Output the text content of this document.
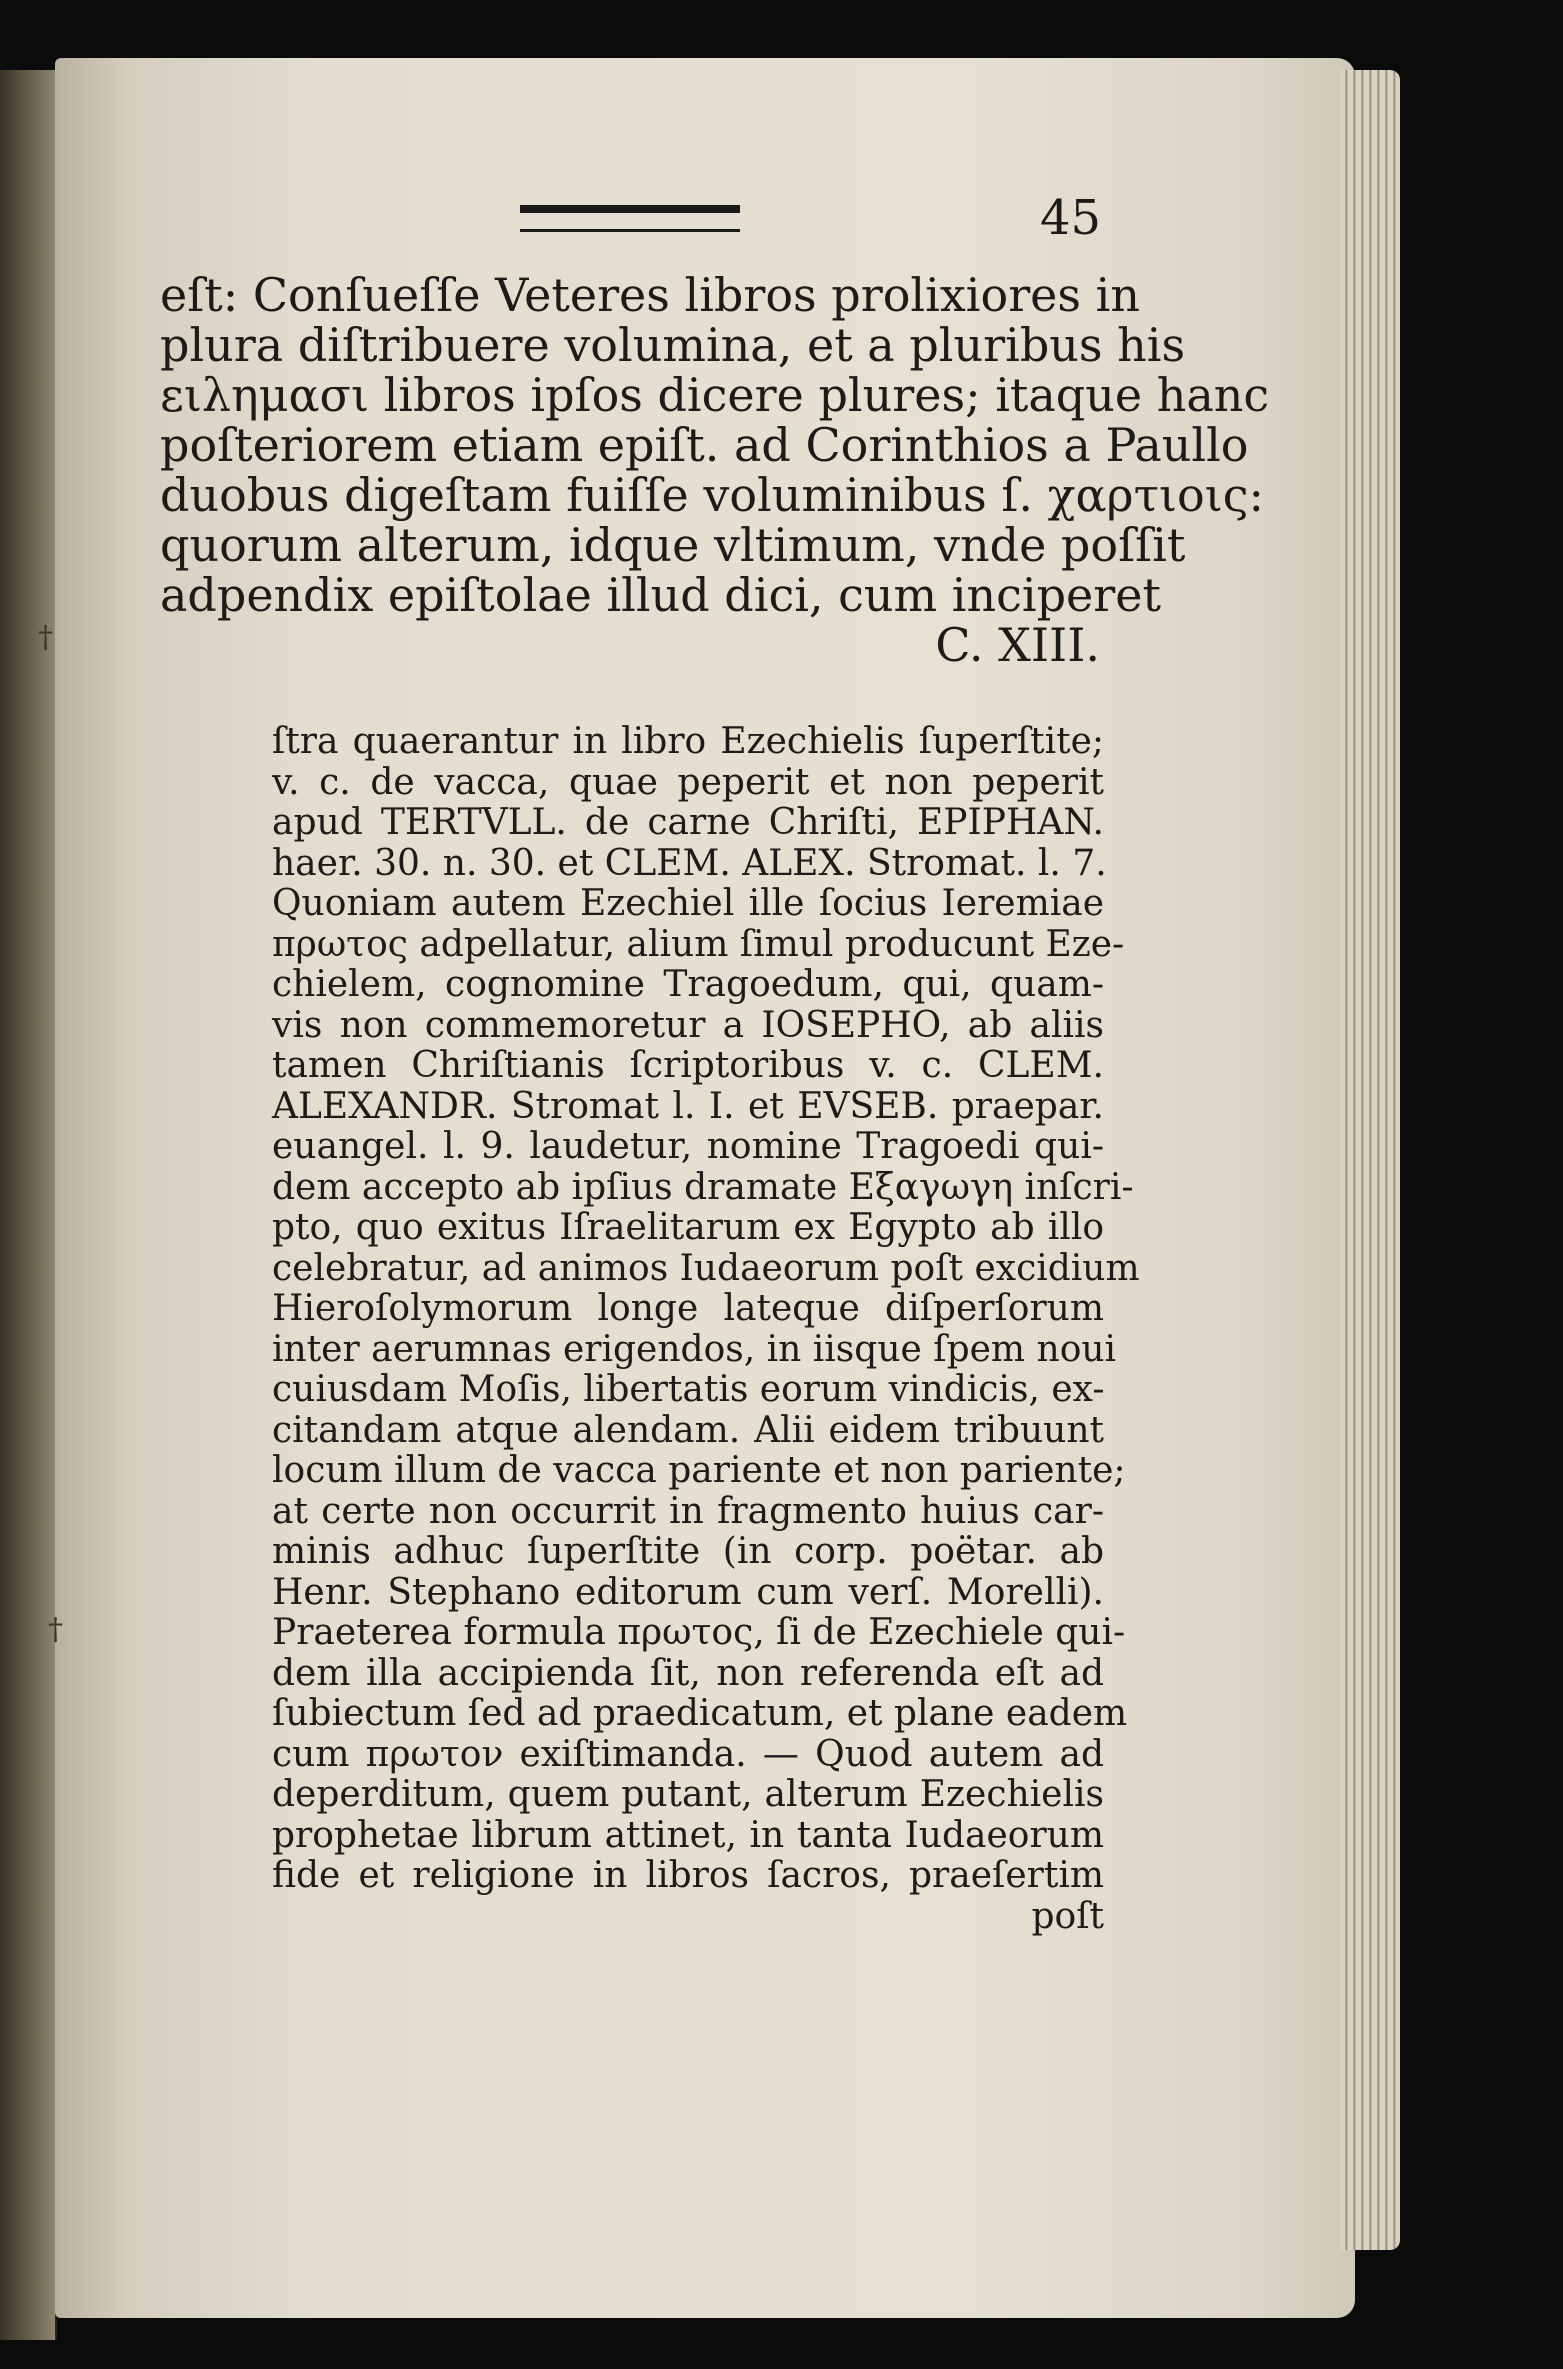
45
eſt: Conſueſſe Veteres libros prolixiores in
plura diſtribuere volumina, et a pluribus his
ειλημασι libros ipſos dicere plures; itaque hanc
poſteriorem etiam epiſt. ad Corinthios a Paullo
duobus digeſtam fuiſſe voluminibus ſ. χαρτιοις:
quorum alterum, idque vltimum, vnde poſſit
adpendix epiſtolae illud dici, cum inciperet
C. XIII.
ſtra quaerantur in libro Ezechielis ſuperſtite;
v. c. de vacca, quae peperit et non peperit
apud TERTVLL. de carne Chriſti, EPIPHAN.
haer. 30. n. 30. et CLEM. ALEX. Stromat. l. 7.
Quoniam autem Ezechiel ille ſocius Ieremiae
πρωτος adpellatur, alium ſimul producunt Eze-
chielem, cognomine Tragoedum, qui, quam-
vis non commemoretur a IOSEPHO, ab aliis
tamen Chriſtianis ſcriptoribus v. c. CLEM.
ALEXANDR. Stromat l. I. et EVSEB. praepar.
euangel. l. 9. laudetur, nomine Tragoedi qui-
dem accepto ab ipſius dramate Εξαγωγη inſcri-
pto, quo exitus Iſraelitarum ex Egypto ab illo
celebratur, ad animos Iudaeorum poſt excidium
Hieroſolymorum longe lateque diſperſorum
inter aerumnas erigendos, in iisque ſpem noui
cuiusdam Moſis, libertatis eorum vindicis, ex-
citandam atque alendam. Alii eidem tribuunt
locum illum de vacca pariente et non pariente;
at certe non occurrit in fragmento huius car-
minis adhuc ſuperſtite (in corp. poëtar. ab
Henr. Stephano editorum cum verſ. Morelli).
Praeterea formula πρωτος, ſi de Ezechiele qui-
dem illa accipienda ſit, non referenda eſt ad
ſubiectum ſed ad praedicatum, et plane eadem
cum πρωτον exiſtimanda. — Quod autem ad
deperditum, quem putant, alterum Ezechielis
prophetae librum attinet, in tanta Iudaeorum
fide et religione in libros ſacros, praeſertim
poſt
†
†
